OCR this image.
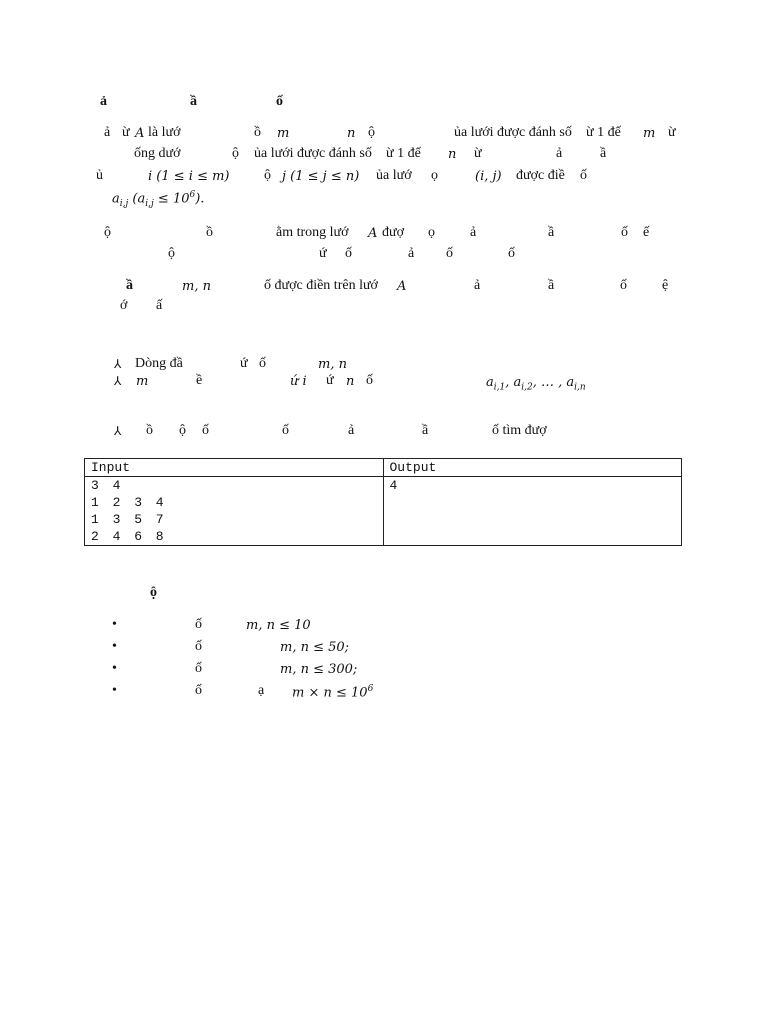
ả	ầ	ố
ả ừ A là lướ	ồ m	n ộ	ủa lưới được đánh số ừ 1 đế m ừ
ống dướ	ộ ủa lưới được đánh số ừ 1 đế n ừ	ả	ầ
ủ	i (1 ≤ i ≤ m) ộ j (1 ≤ j ≤ n) ủa lướ ọ	(i, j) được điề ố
$a_{i,j}$ $(a_{i,j} \le 10^6)$.
ộ	ồ	ằm trong lướ A đượ ọ	ả	ầ	ố ế
ộ	ứ ố	ả ố	ố
ầ	m, n	ố được điền trên lướ A	ả	ầ	ố	ệ
ớ ấ
⅄ Dòng đầ	ứ ố	m, n
⅄ m	ề	ứ i ứ n ố	$a_{i,1}$, $a_{i,2}$, … , $a_{i,n}$
⅄ ồ ộ ố	ố	ả	ầ	ố tìm đượ
Input	Output

3 4
1 2 3 4
1 3 5 7
2 4 6 8	4
ộ
•	ố	m, n ≤ 10
•	ố	m, n ≤ 50;
•	ố	m, n ≤ 300;
•	ố	ạ $m \times n \le 10^6$
